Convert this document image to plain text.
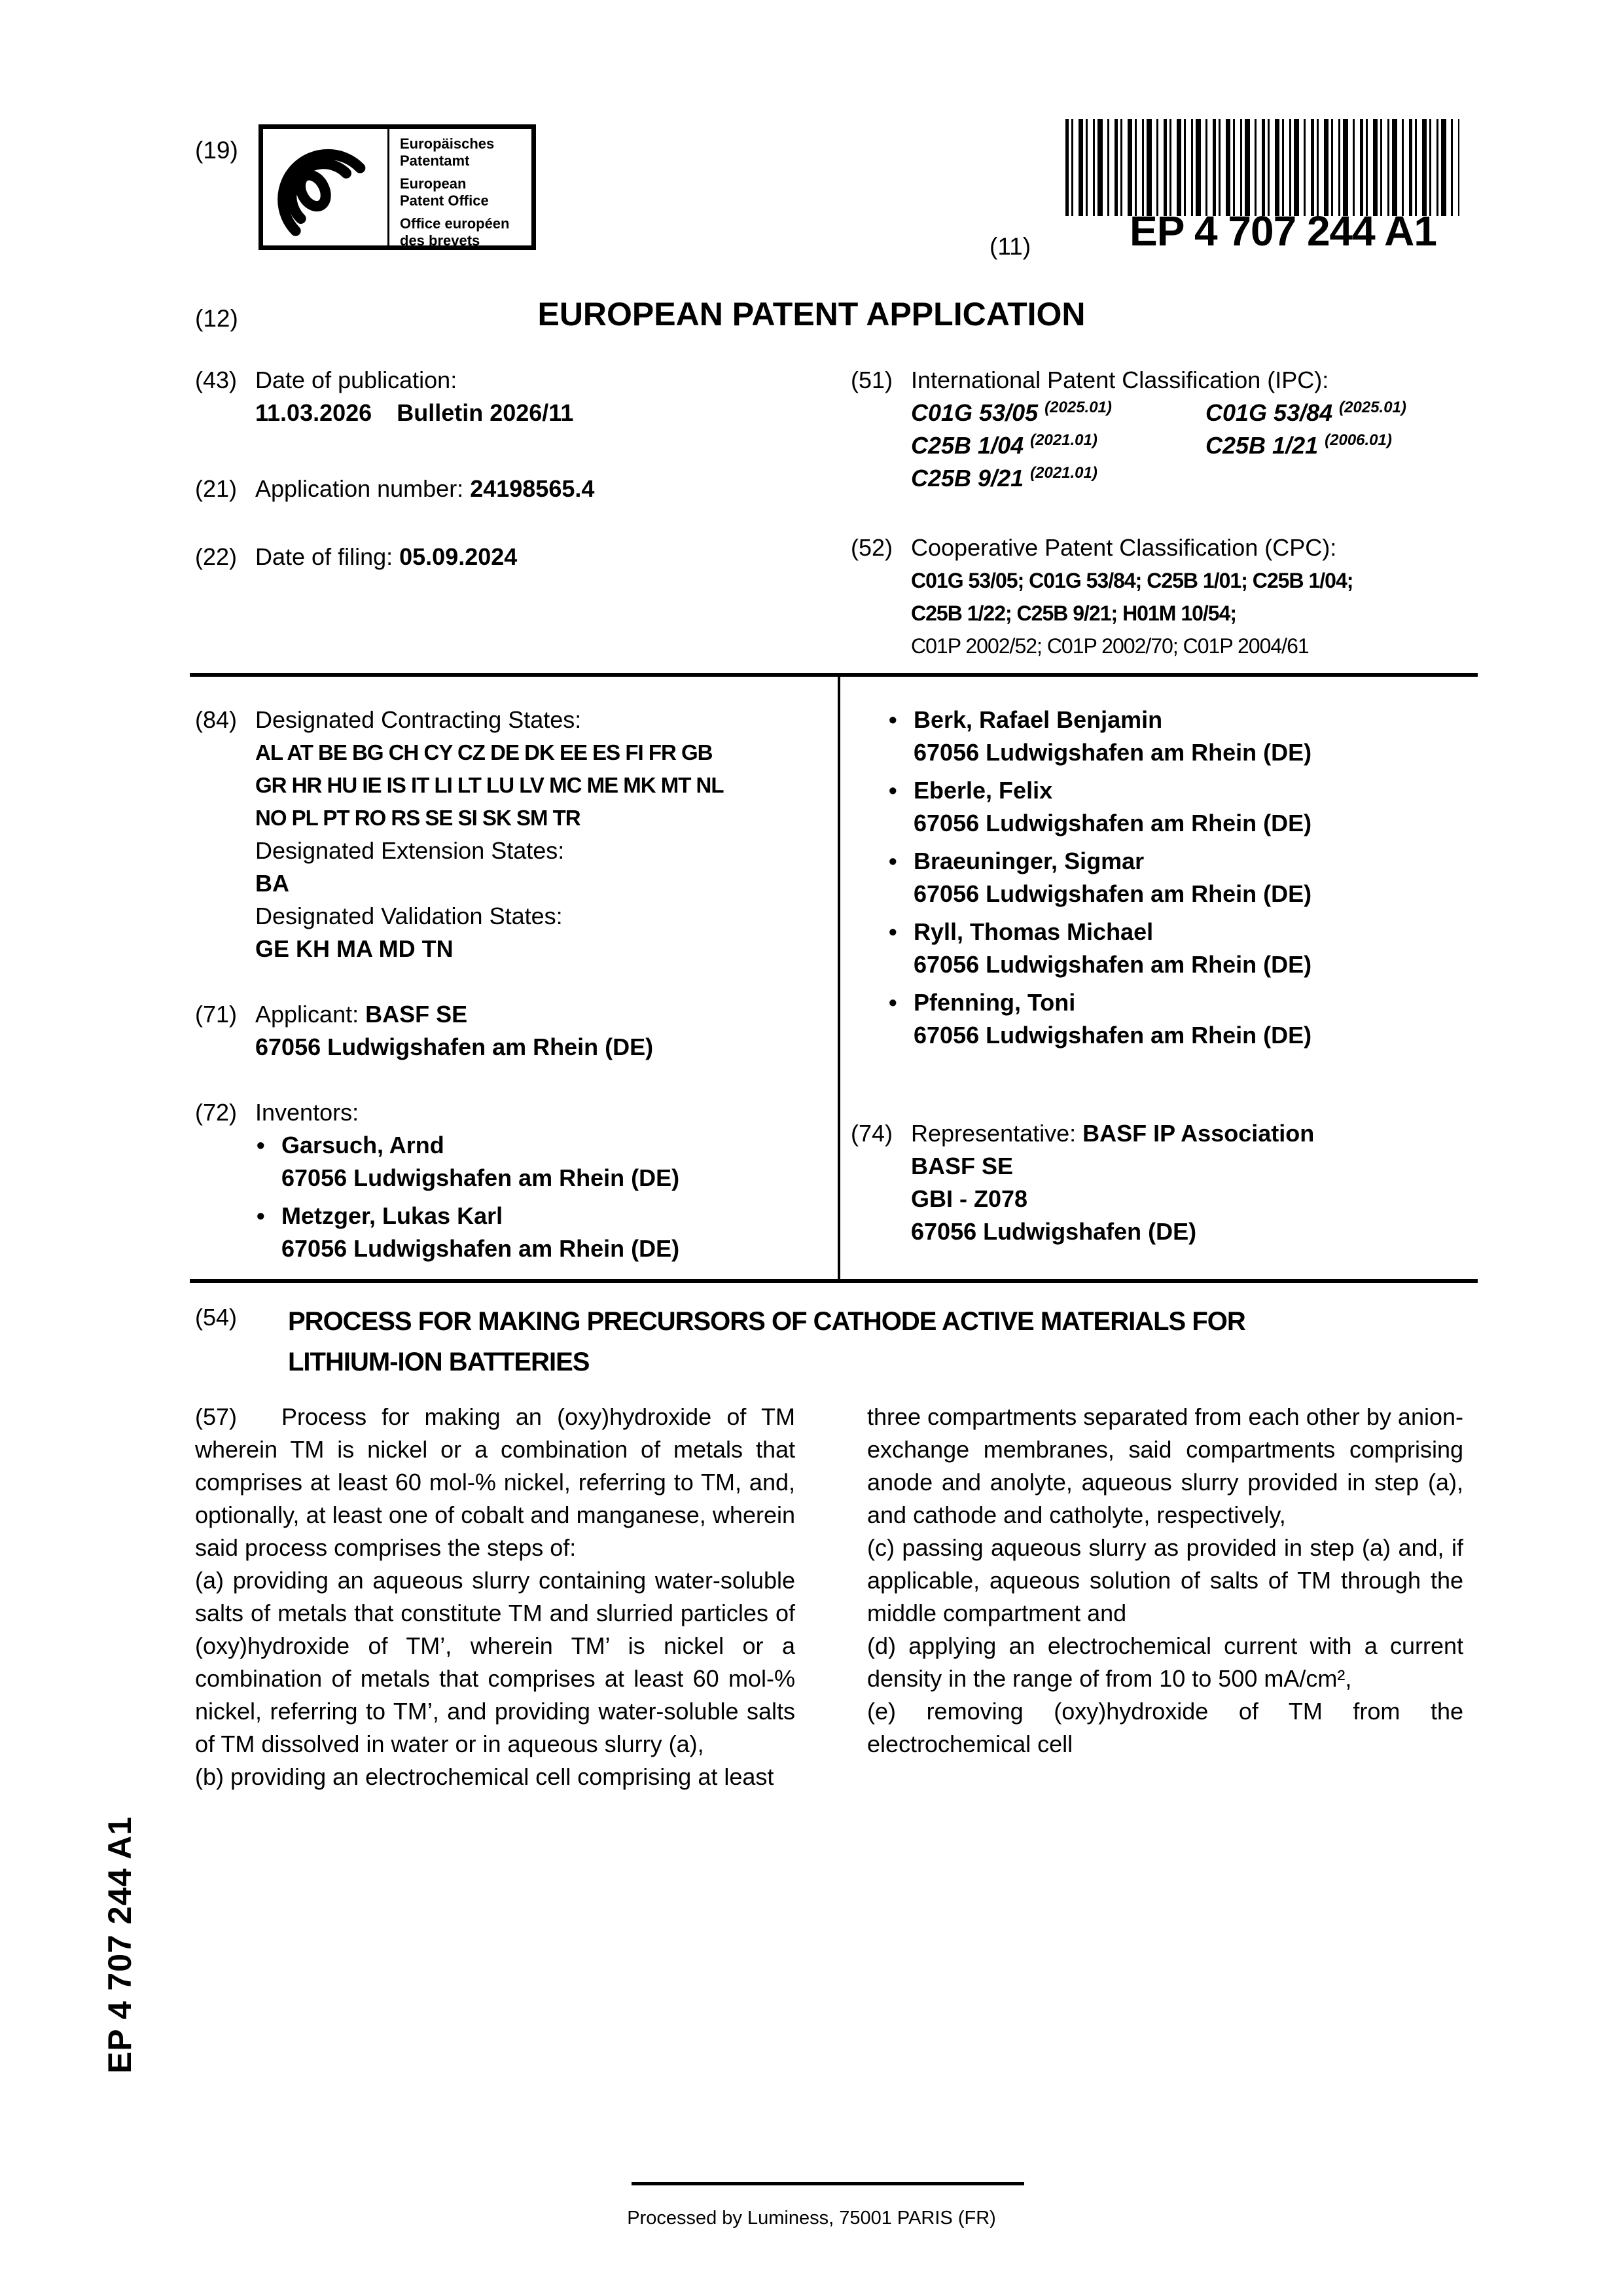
(19)	Europäisches
Patentamt
European
Patent Office
Office européen
des brevets	(11) EP 4 707 244 A1
(12)	EUROPEAN PATENT APPLICATION
(43) Date of publication:
11.03.2026 Bulletin 2026/11
(21) Application number: 24198565.4
(22) Date of filing: 05.09.2024
(51) International Patent Classification (IPC):
C01G 53/05 $^{(2025.01)}$	C01G 53/84 $^{(2025.01)}$
C25B 1/04 $^{(2021.01)}$	C25B 1/21 $^{(2006.01)}$
C25B 9/21 $^{(2021.01)}$
(52) Cooperative Patent Classification (CPC):
C01G 53/05; C01G 53/84; C25B 1/01; C25B 1/04;
C25B 1/22; C25B 9/21; H01M 10/54;
C01P 2002/52; C01P 2002/70; C01P 2004/61
(84) Designated Contracting States:
AL AT BE BG CH CY CZ DE DK EE ES FI FR GB
GR HR HU IE IS IT LI LT LU LV MC ME MK MT NL
NO PL PT RO RS SE SI SK SM TR
Designated Extension States:
BA
Designated Validation States:
GE KH MA MD TN
(71) Applicant: BASF SE
67056 Ludwigshafen am Rhein (DE)
(72) Inventors:
• Garsuch, Arnd
67056 Ludwigshafen am Rhein (DE)
• Metzger, Lukas Karl
67056 Ludwigshafen am Rhein (DE)
• Berk, Rafael Benjamin
67056 Ludwigshafen am Rhein (DE)
• Eberle, Felix
67056 Ludwigshafen am Rhein (DE)
• Braeuninger, Sigmar
67056 Ludwigshafen am Rhein (DE)
• Ryll, Thomas Michael
67056 Ludwigshafen am Rhein (DE)
• Pfenning, Toni
67056 Ludwigshafen am Rhein (DE)
(74) Representative: BASF IP Association
BASF SE
GBI - Z078
67056 Ludwigshafen (DE)
(54) PROCESS FOR MAKING PRECURSORS OF CATHODE ACTIVE MATERIALS FOR LITHIUM-ION BATTERIES

(57) Process for making an (oxy)hydroxide of TM wherein TM is nickel or a combination of metals that comprises at least 60 mol-% nickel, referring to TM, and, optionally, at least one of cobalt and manganese, wherein said process comprises the steps of:

(a) providing an aqueous slurry containing water-soluble salts of metals that constitute TM and slurried particles of (oxy)hydroxide of TM’, wherein TM’ is nickel or a combination of metals that comprises at least 60 mol-% nickel, referring to TM’, and providing water-soluble salts of TM dissolved in water or in aqueous slurry (a),

(b) providing an electrochemical cell comprising at least

three compartments separated from each other by anion-exchange membranes, said compartments comprising anode and anolyte, aqueous slurry provided in step (a), and cathode and catholyte, respectively,

(c) passing aqueous slurry as provided in step (a) and, if applicable, aqueous solution of salts of TM through the middle compartment and

(d) applying an electrochemical current with a current density in the range of from 10 to 500 mA/cm²,

(e) removing (oxy)hydroxide of TM from the electrochemical cell

EP 4 707 244 A1
Processed by Luminess, 75001 PARIS (FR)
